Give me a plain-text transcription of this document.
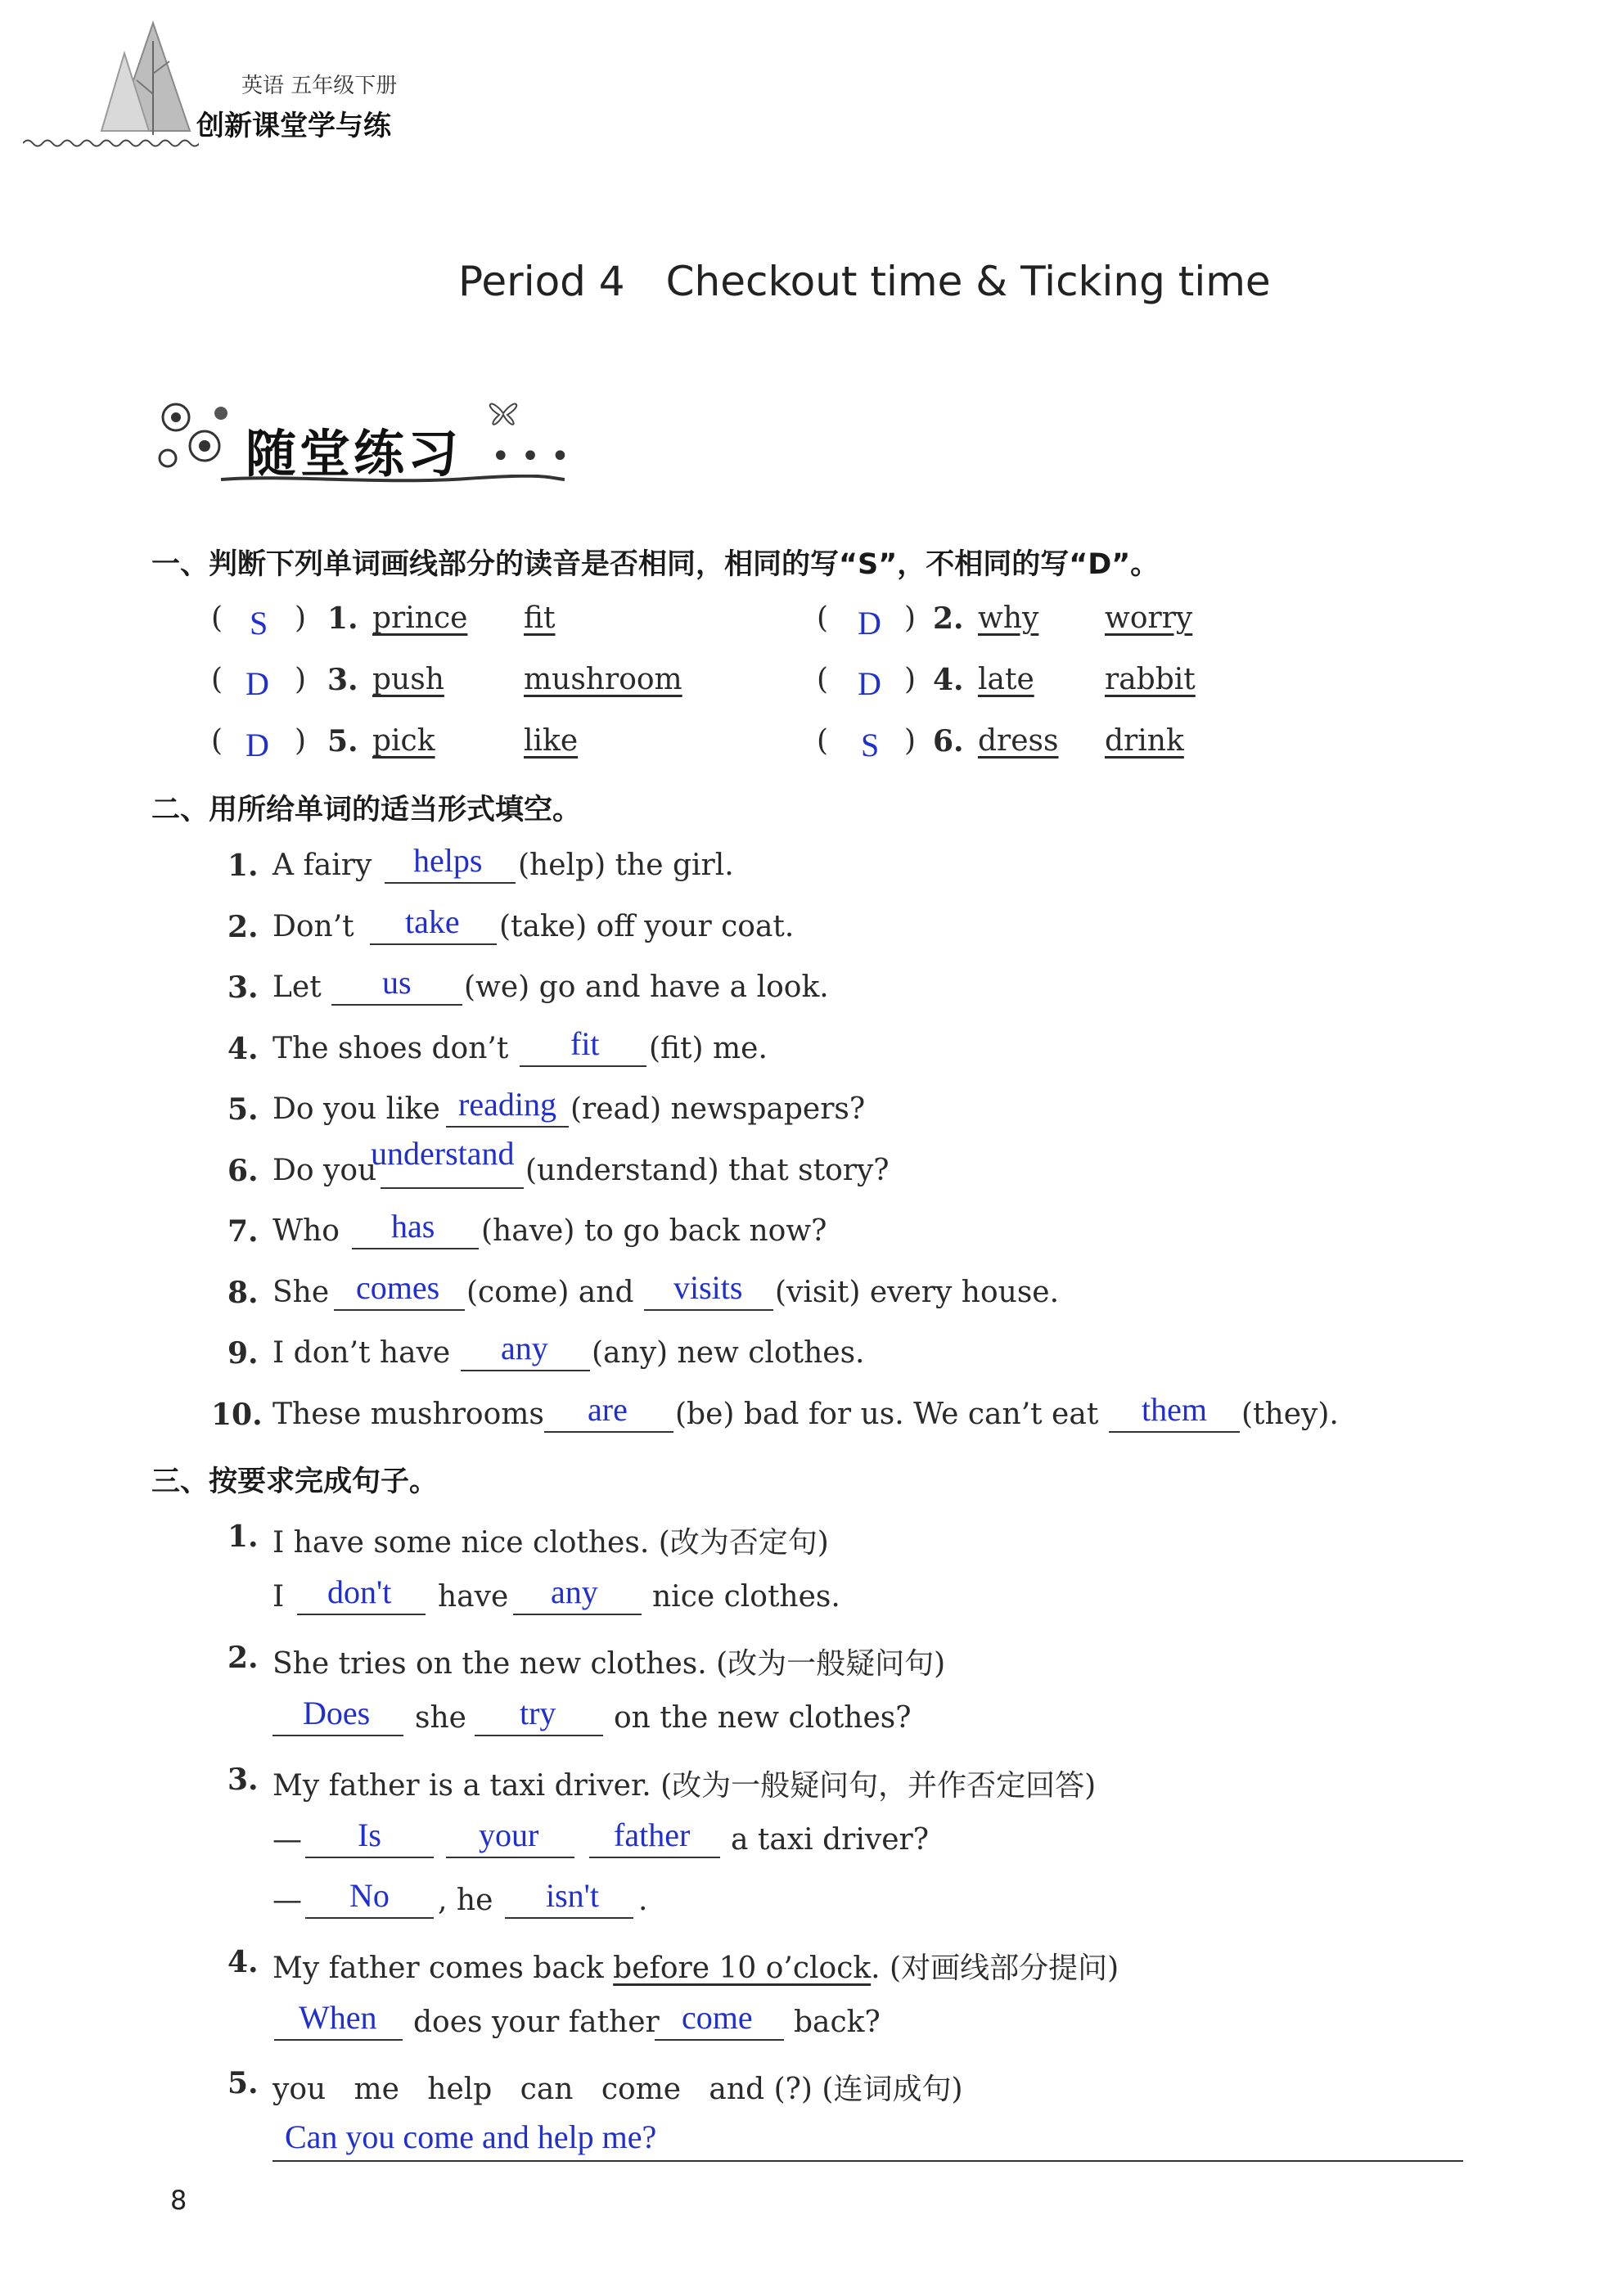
英语 五年级下册
创新课堂学与练
Period 4 Checkout time & Ticking time
随堂练习 • • •
一、判断下列单词画线部分的读音是否相同，相同的写“S”，不相同的写“D”。
( S ) 1. prince fit	( D ) 2. why worry
( D ) 3. push	mushroom	( D ) 4. late rabbit
( D ) 5. pick	like	( S ) 6. dress drink
二、用所给单词的适当形式填空。
1. A fairy helps (help) the girl.
2. Don’t take (take) off your coat.
3. Let us (we) go and have a look.
4. The shoes don’t fit (fit) me.
5. Do you like reading (read) newspapers?
6. Do you
understand (understand) that story?
7. Who has (have) to go back now?
8. She comes (come) and visits (visit) every house.
9. I don’t have any (any) new clothes.
10. These mushrooms are (be) bad for us. We can’t eat them (they).
三、按要求完成句子。
1. I have some nice clothes. (改为否定句)
I don't have any nice clothes.
2. She tries on the new clothes. (改为一般疑问句)
Does she try on the new clothes?
3. My father is a taxi driver. (改为一般疑问句，并作否定回答)
— Is	your father a taxi driver?
— No , he isn't .
4. My father comes back before 10 o’clock. (对画线部分提问)
When does your father come back?
5. you   me   help   can   come   and (?) (连词成句)
Can you come and help me?
8
